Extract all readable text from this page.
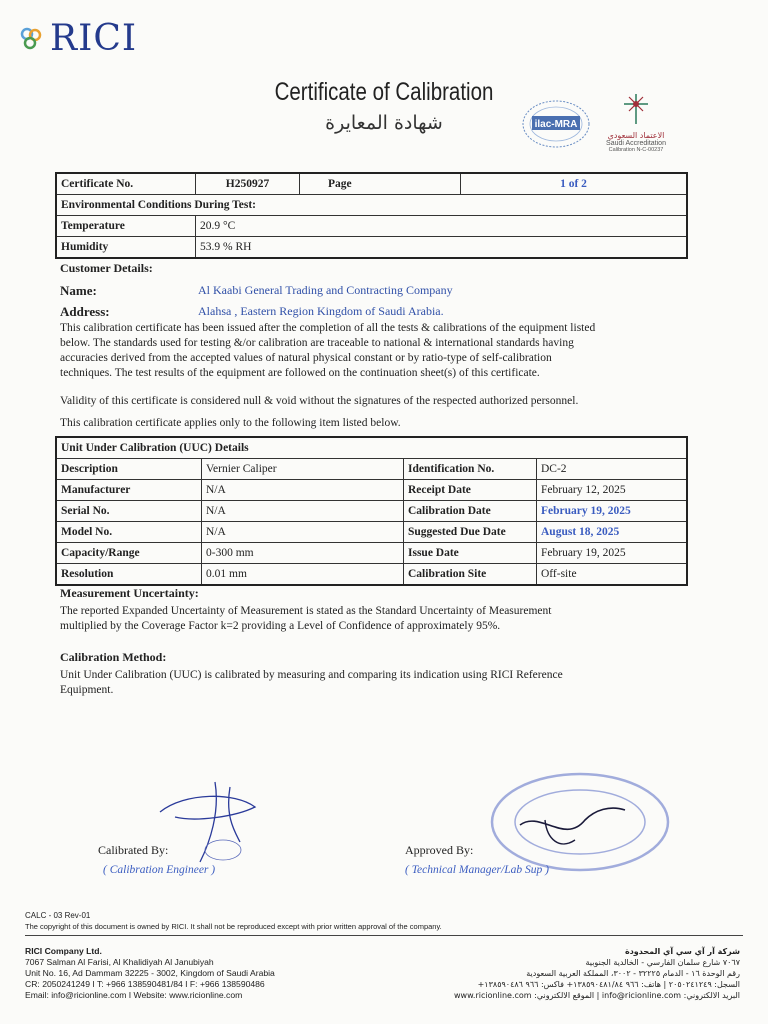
RICI
Certificate of Calibration
شهادة المعايرة	ilac-MRA
الاعتماد السعودي
Saudi Accreditation
Calibration N-C-00237
Certificate No.	H250927	Page		1 of 2
Environmental Conditions During Test:				
Temperature	20.9 °C			
Humidity	53.9 % RH			
Customer Details:
Name:	Al Kaabi General Trading and Contracting Company
Address:	Alahsa , Eastern Region Kingdom of Saudi Arabia.
This calibration certificate has been issued after the completion of all the tests & calibrations of the equipment listed
below. The standards used for testing &/or calibration are traceable to national & international standards having
accuracies derived from the accepted values of natural physical constant or by ratio-type of self-calibration
techniques. The test results of the equipment are followed on the continuation sheet(s) of this certificate.
Validity of this certificate is considered null & void without the signatures of the respected authorized personnel.
This calibration certificate applies only to the following item listed below.
Unit Under Calibration (UUC) Details			
Description	Vernier Caliper	Identification No.	DC-2
Manufacturer	N/A	Receipt Date	February 12, 2025
Serial No.	N/A	Calibration Date	February 19, 2025
Model No.	N/A	Suggested Due Date	August 18, 2025
Capacity/Range	0-300 mm	Issue Date	February 19, 2025
Resolution	0.01 mm	Calibration Site	Off-site
Measurement Uncertainty:
The reported Expanded Uncertainty of Measurement is stated as the Standard Uncertainty of Measurement
multiplied by the Coverage Factor k=2 providing a Level of Confidence of approximately 95%.
Calibration Method:
Unit Under Calibration (UUC) is calibrated by measuring and comparing its indication using RICI Reference
Equipment.
Calibrated By:
( Calibration Engineer )
Approved By:
( Technical Manager/Lab Sup )
CALC - 03 Rev-01
The copyright of this document is owned by RICI. It shall not be reproduced except with prior written approval of the company.
RICI Company Ltd.
7067 Salman Al Farisi, Al Khalidiyah Al Janubiyah
Unit No. 16, Ad Dammam 32225 - 3002, Kingdom of Saudi Arabia
CR: 2050241249 I T: +966 138590481/84 I F: +966 138590486
Email: info@ricionline.com I Website: www.ricionline.com
شركة آر آي سي آي المحدودة
٧٠٦٧ شارع سلمان الفارسي - الخالدية الجنوبية
رقم الوحدة ١٦ - الدمام ٣٢٢٢٥ - ٣٠٠٢، المملكة العربية السعودية
السجل: ٢٠٥٠٢٤١٢٤٩ | هاتف: ٩٦٦ ١٣٨٥٩٠٤٨١/٨٤+ فاكس: ٩٦٦ ١٣٨٥٩٠٤٨٦+
البريد الالكتروني: info@ricionline.com | الموقع الالكتروني: www.ricionline.com
